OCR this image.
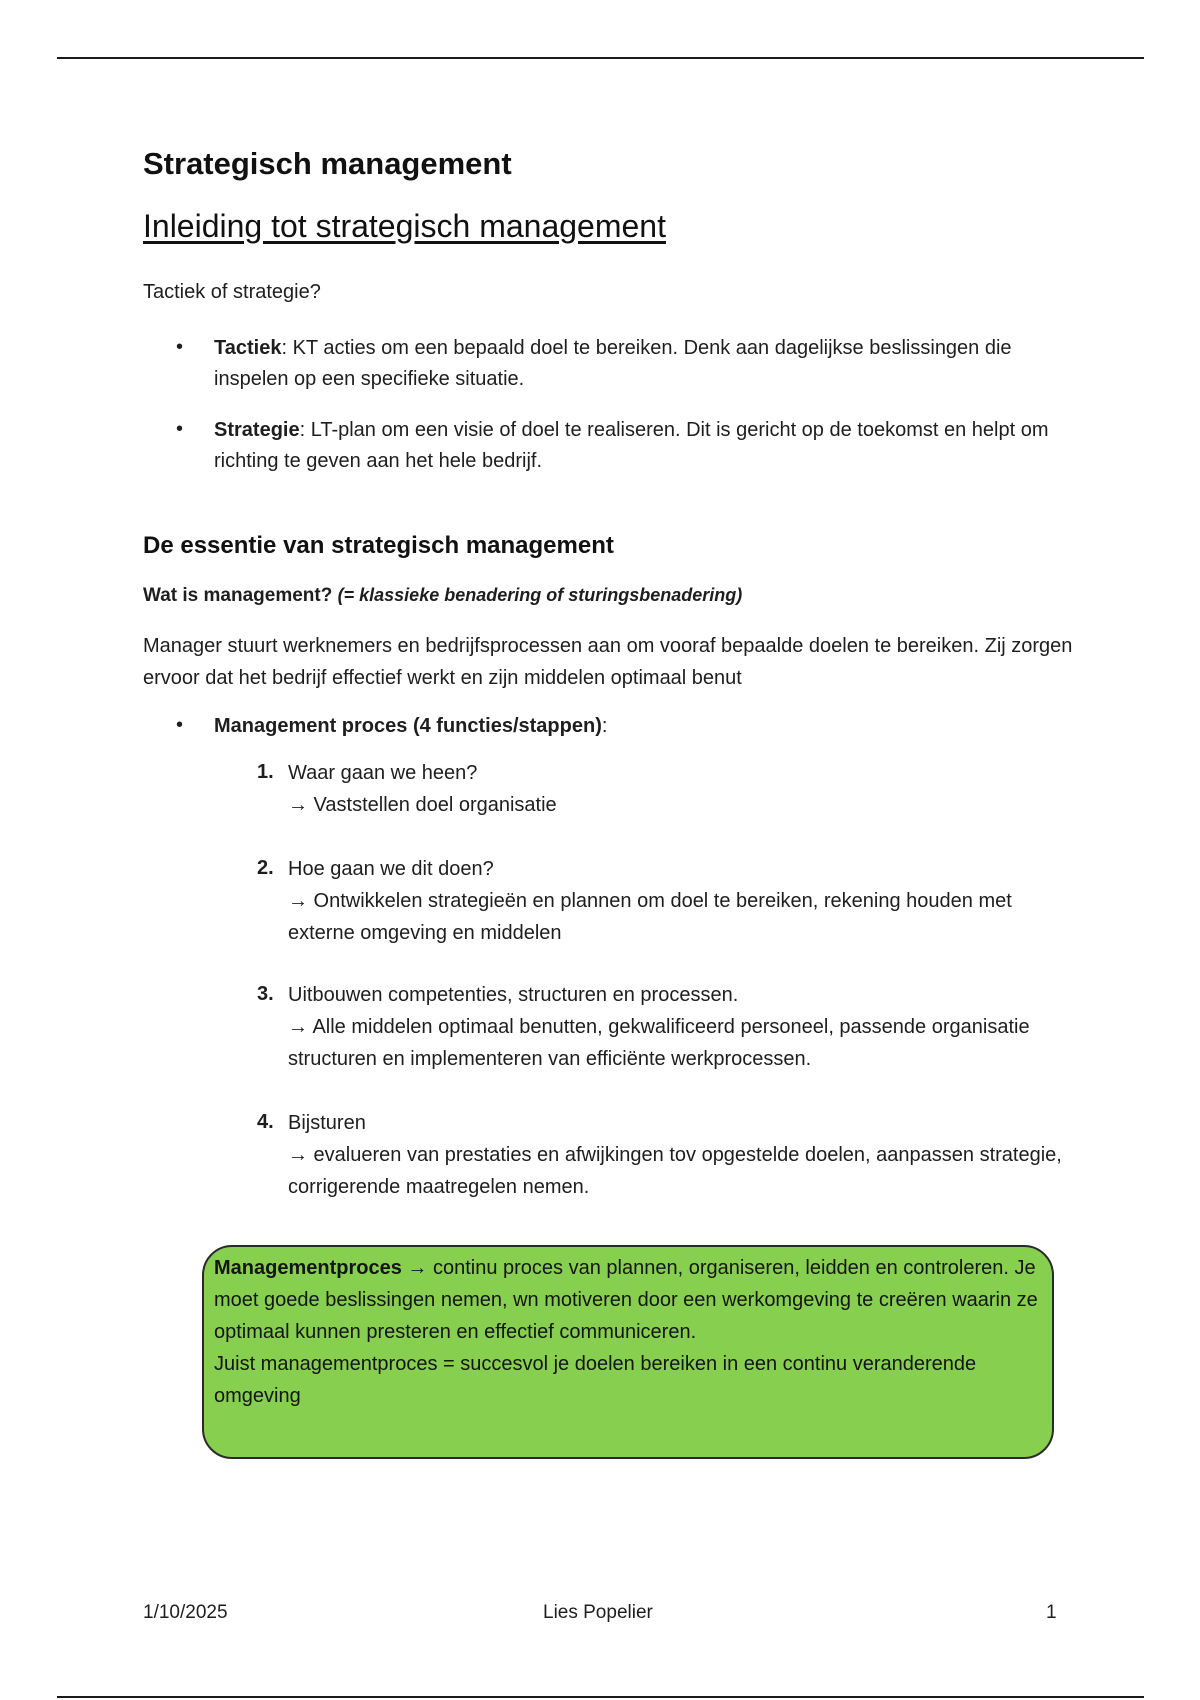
Strategisch management
Inleiding tot strategisch management
Tactiek of strategie?
• Tactiek: KT acties om een bepaald doel te bereiken. Denk aan dagelijkse beslissingen die inspelen op een specifieke situatie.
• Strategie: LT-plan om een visie of doel te realiseren. Dit is gericht op de toekomst en helpt om richting te geven aan het hele bedrijf.
De essentie van strategisch management
Wat is management? (= klassieke benadering of sturingsbenadering)
Manager stuurt werknemers en bedrijfsprocessen aan om vooraf bepaalde doelen te bereiken. Zij zorgen ervoor dat het bedrijf effectief werkt en zijn middelen optimaal benut
• Management proces (4 functies/stappen):
1. Waar gaan we heen?
→ Vaststellen doel organisatie
2. Hoe gaan we dit doen?
→ Ontwikkelen strategieën en plannen om doel te bereiken, rekening houden met externe omgeving en middelen
3. Uitbouwen competenties, structuren en processen.
→ Alle middelen optimaal benutten, gekwalificeerd personeel, passende organisatie structuren en implementeren van efficiënte werkprocessen.
4. Bijsturen
→ evalueren van prestaties en afwijkingen tov opgestelde doelen, aanpassen strategie, corrigerende maatregelen nemen.
Managementproces → continu proces van plannen, organiseren, leidden en controleren. Je moet goede beslissingen nemen, wn motiveren door een werkomgeving te creëren waarin ze optimaal kunnen presteren en effectief communiceren.
Juist managementproces = succesvol je doelen bereiken in een continu veranderende omgeving
1/10/2025	Lies Popelier	1
